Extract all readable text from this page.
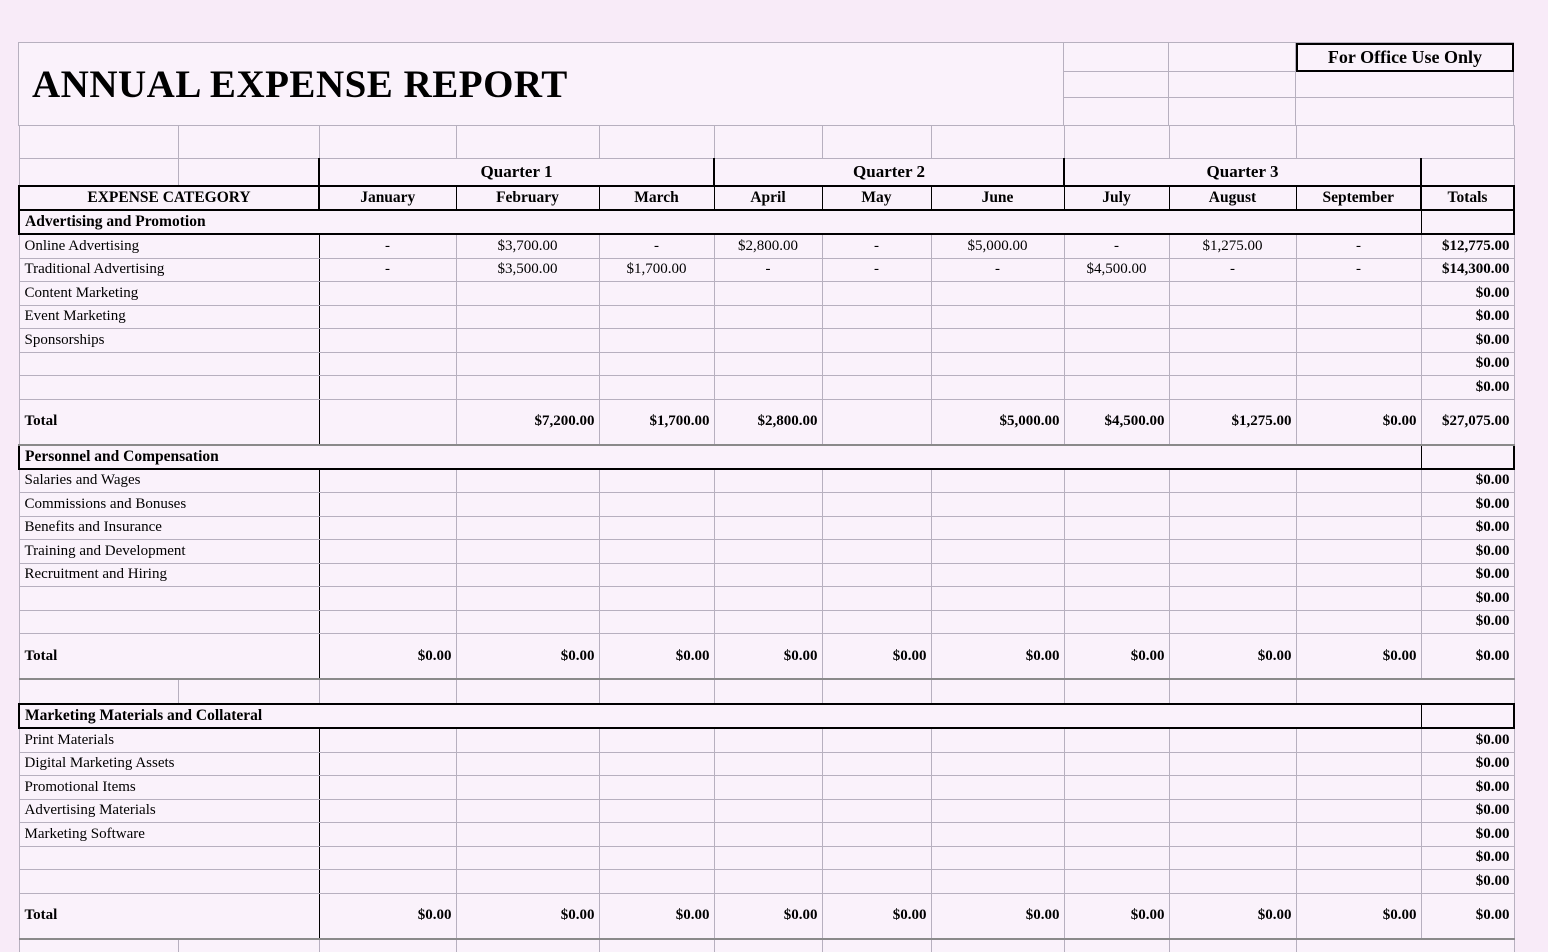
ANNUAL EXPENSE REPORT
For Office Use Only

		Quarter 1			Quarter 2			Quarter 3			
EXPENSE CATEGORY		January	February	March	April	May	June	July	August	September	Totals
Advertising and Promotion											
Online Advertising		-	$3,700.00	-	$2,800.00	-	$5,000.00	-	$1,275.00	-	$12,775.00
Traditional Advertising		-	$3,500.00	$1,700.00	-	-	-	$4,500.00	-	-	$14,300.00
Content Marketing											$0.00
Event Marketing											$0.00
Sponsorships											$0.00
											$0.00
											$0.00
Total			$7,200.00	$1,700.00	$2,800.00		$5,000.00	$4,500.00	$1,275.00	$0.00	$27,075.00
Personnel and Compensation											
Salaries and Wages											$0.00
Commissions and Bonuses											$0.00
Benefits and Insurance											$0.00
Training and Development											$0.00
Recruitment and Hiring											$0.00
											$0.00
											$0.00
Total		$0.00	$0.00	$0.00	$0.00	$0.00	$0.00	$0.00	$0.00	$0.00	$0.00

Marketing Materials and Collateral											
Print Materials											$0.00
Digital Marketing Assets											$0.00
Promotional Items											$0.00
Advertising Materials											$0.00
Marketing Software											$0.00
											$0.00
											$0.00
Total		$0.00	$0.00	$0.00	$0.00	$0.00	$0.00	$0.00	$0.00	$0.00	$0.00
